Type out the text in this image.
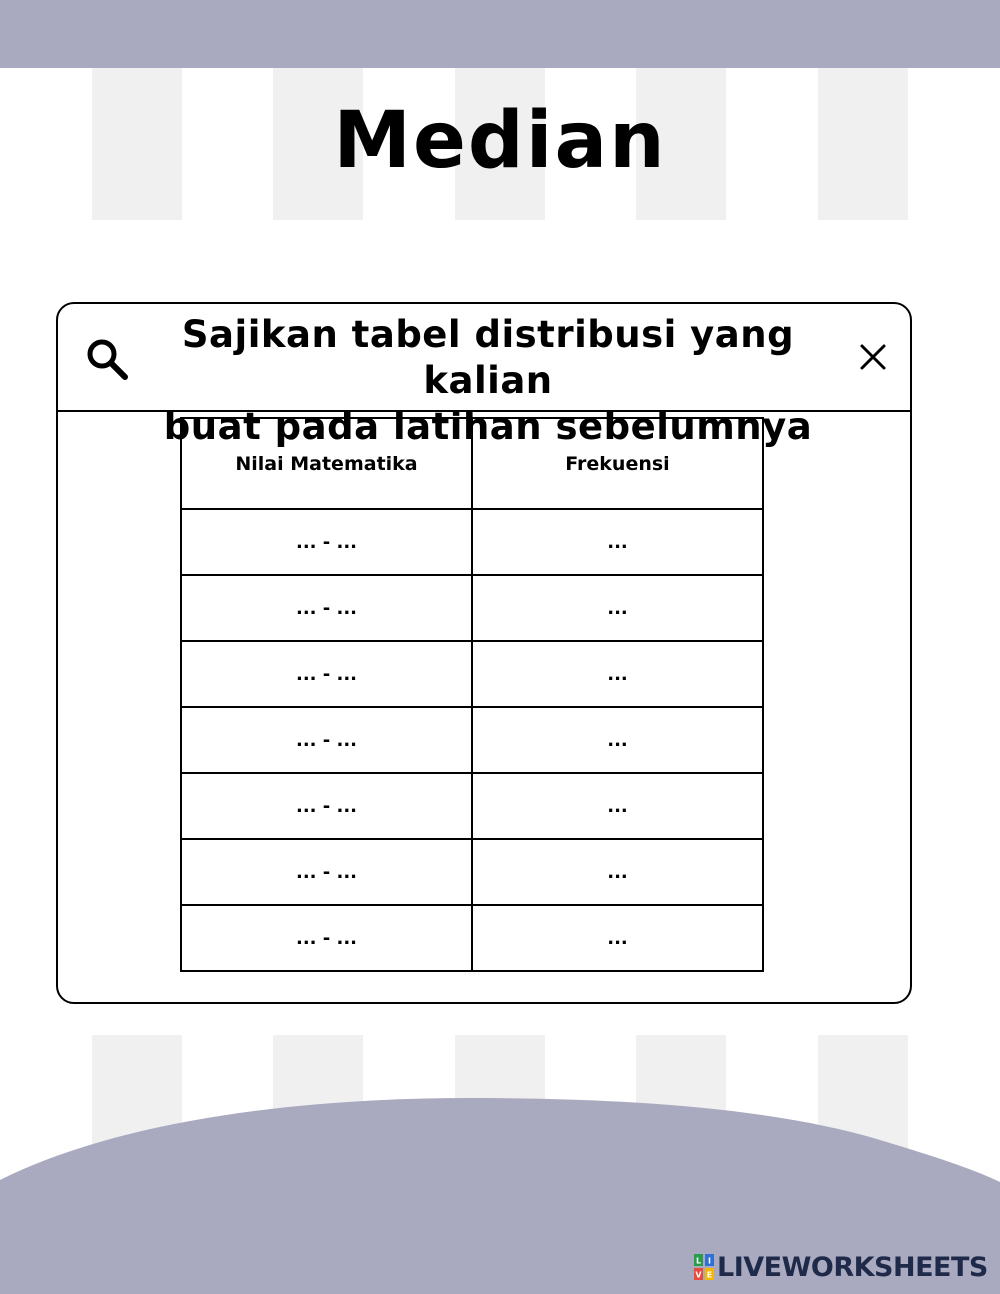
Median
Sajikan tabel distribusi yang kalian
buat pada latihan sebelumnya
Nilai Matematika	Frekuensi
... - ...	...
... - ...	...
... - ...	...
... - ...	...
... - ...	...
... - ...	...
... - ...	...
L I
V E LIVEWORKSHEETS
